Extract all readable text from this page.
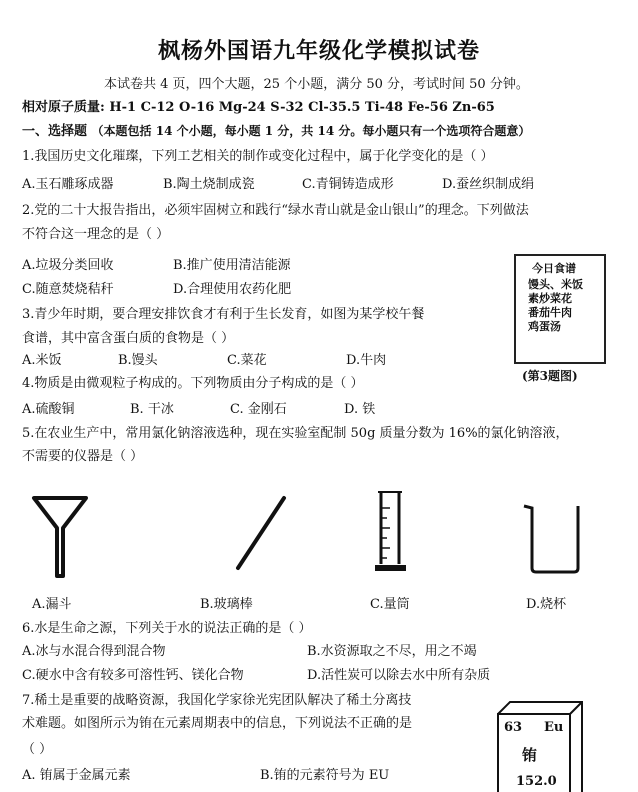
枫杨外国语九年级化学模拟试卷
本试卷共 4 页，四个大题，25 个小题，满分 50 分，考试时间 50 分钟。
相对原子质量: H-1 C-12 O-16 Mg-24 S-32 Cl-35.5 Ti-48 Fe-56 Zn-65
一、选择题 （本题包括 14 个小题，每小题 1 分，共 14 分。每小题只有一个选项符合题意）
1.我国历史文化璀璨，下列工艺相关的制作或变化过程中，属于化学变化的是（ ）
A.玉石雕琢成器	B.陶土烧制成瓷	C.青铜铸造成形	D.蚕丝织制成绢
2.党的二十大报告指出，必须牢固树立和践行“绿水青山就是金山银山”的理念。下列做法
不符合这一理念的是（ ）
A.垃圾分类回收	B.推广使用清洁能源
C.随意焚烧秸秆	D.合理使用农药化肥
3.青少年时期，要合理安排饮食才有利于生长发育，如图为某学校午餐
食谱，其中富含蛋白质的食物是（ ）
A.米饭	B.馒头	C.菜花	D.牛肉
今日食谱
馒头、米饭
素炒菜花
番茄牛肉
鸡蛋汤
(第3题图)
4.物质是由微观粒子构成的。下列物质由分子构成的是（ ）
A.硫酸铜	B. 干冰	C. 金刚石	D. 铁
5.在农业生产中，常用氯化钠溶液选种，现在实验室配制 50g 质量分数为 16%的氯化钠溶液，
不需要的仪器是（ ）
A.漏斗	B.玻璃棒	C.量筒	D.烧杯
6.水是生命之源，下列关于水的说法正确的是（ ）
A.冰与水混合得到混合物	B.水资源取之不尽，用之不竭
C.硬水中含有较多可溶性钙、镁化合物	D.活性炭可以除去水中所有杂质
7.稀土是重要的战略资源，我国化学家徐光宪团队解决了稀土分离技
术难题。如图所示为铕在元素周期表中的信息，下列说法不正确的是
（ ）
A. 铕属于金属元素	B.铕的元素符号为 EU
63 Eu
铕
152.0
